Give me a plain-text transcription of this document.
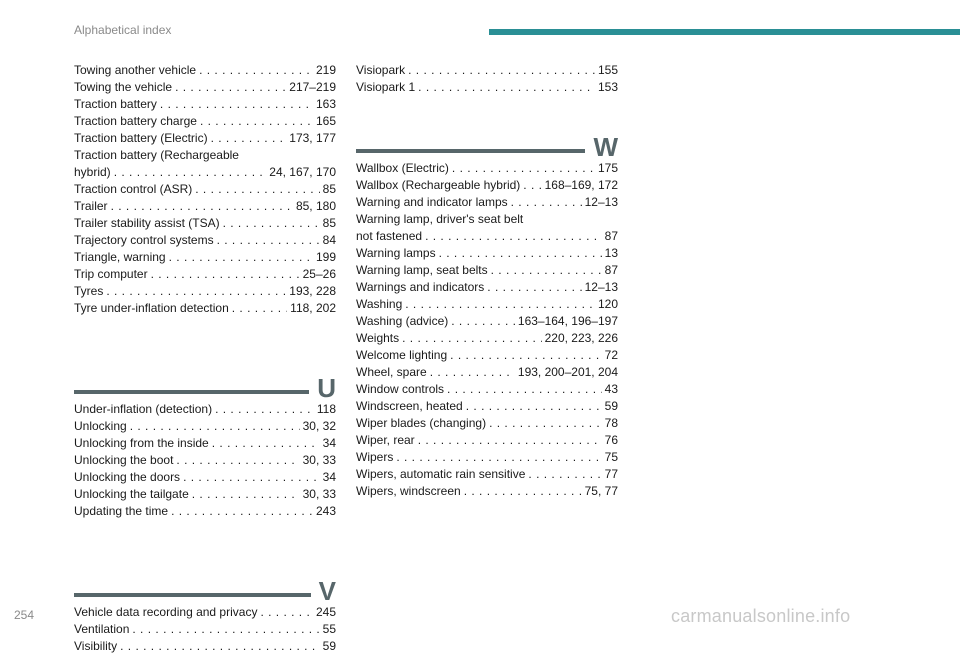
Alphabetical index
Towing another vehicle . . .	219
Towing the vehicle . . .	217–219
Traction battery . . .	163
Traction battery charge . . .	165
Traction battery (Electric) . . .	173, 177
Traction battery (Rechargeable
hybrid) . . .	24, 167, 170
Traction control (ASR) . . .	85
Trailer . . .	85, 180
Trailer stability assist (TSA) . . .	85
Trajectory control systems . . .	84
Triangle, warning . . .	199
Trip computer . . .	25–26
Tyres . . .	193, 228
Tyre under-inflation detection . . .	118, 202
U
Under-inflation (detection) . . .	118
Unlocking . . .	30, 32
Unlocking from the inside . . .	34
Unlocking the boot . . .	30, 33
Unlocking the doors . . .	34
Unlocking the tailgate . . .	30, 33
Updating the time . . .	243
V
Vehicle data recording and privacy . . .	245
Ventilation . . .	55
Visibility . . .	59
Visiopark . . .	155
Visiopark 1 . . .	153
W
Wallbox (Electric) . . .	175
Wallbox (Rechargeable hybrid) . . . 168–169, 172
Warning and indicator lamps . . .	12–13
Warning lamp, driver's seat belt
not fastened . . .	87
Warning lamps . . .	13
Warning lamp, seat belts . . .	87
Warnings and indicators . . .	12–13
Washing . . .	120
Washing (advice) . . .	163–164, 196–197
Weights . . .	220, 223, 226
Welcome lighting . . .	72
Wheel, spare . . .	193, 200–201, 204
Window controls . . .	43
Windscreen, heated . . .	59
Wiper blades (changing) . . .	78
Wiper, rear . . .	76
Wipers . . .	75
Wipers, automatic rain sensitive . . .	77
Wipers, windscreen . . .	75, 77
254	carmanualsonline.info
